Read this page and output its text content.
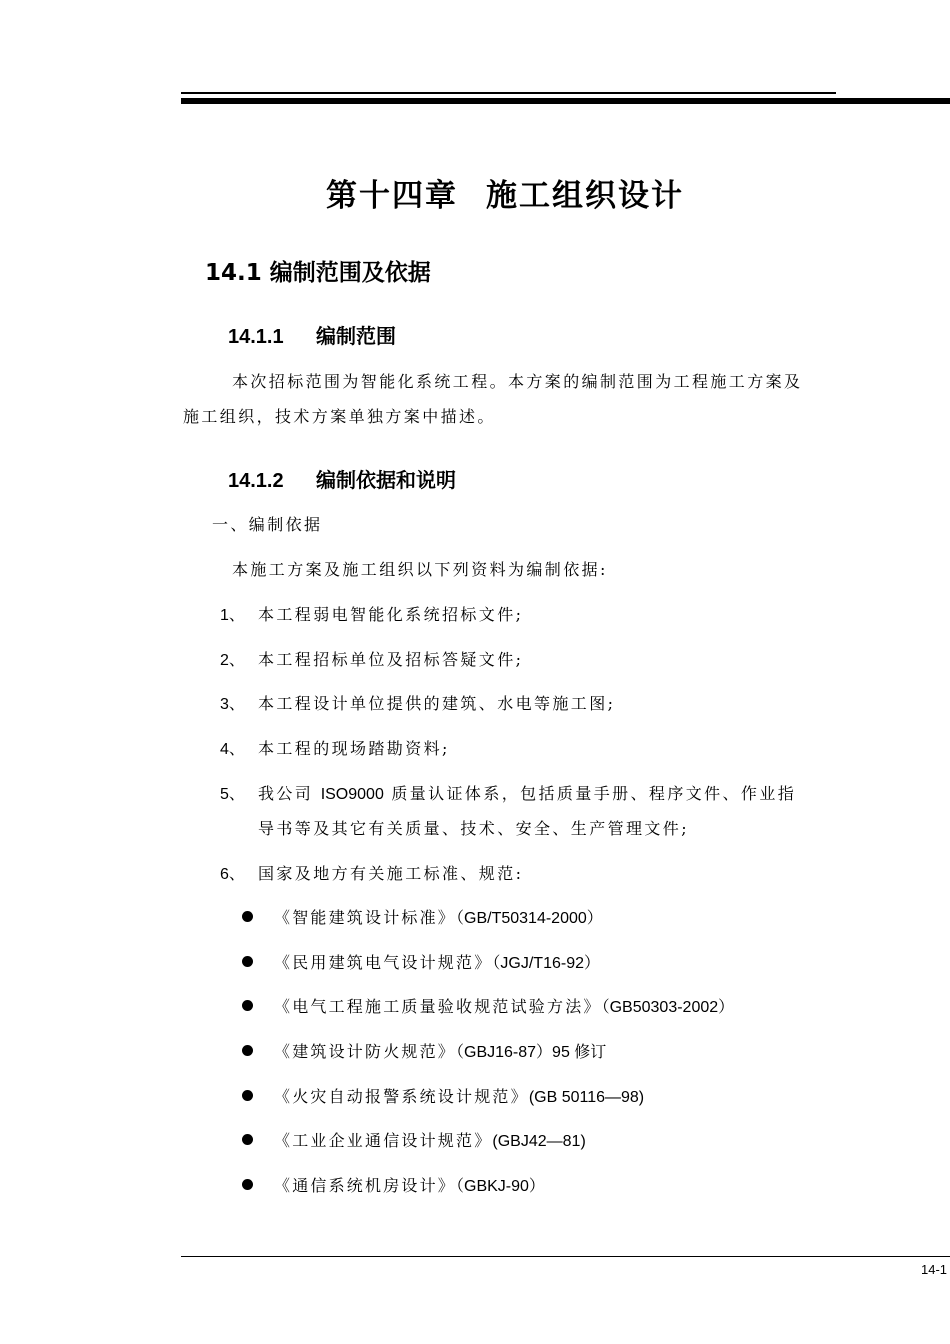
第十四章 施工组织设计
14.1 编制范围及依据
14.1.1 编制范围

本次招标范围为智能化系统工程。本方案的编制范围为工程施工方案及

施工组织，技术方案单独方案中描述。

14.1.2 编制依据和说明

一、编制依据

本施工方案及施工组织以下列资料为编制依据:

1、 本工程弱电智能化系统招标文件;
2、 本工程招标单位及招标答疑文件;
3、 本工程设计单位提供的建筑、水电等施工图;
4、 本工程的现场踏勘资料;
5、 我公司 ISO9000 质量认证体系，包括质量手册、程序文件、作业指
导书等及其它有关质量、技术、安全、生产管理文件;
6、 国家及地方有关施工标准、规范:
《智能建筑设计标准》（GB/T50314-2000）
《民用建筑电气设计规范》（JGJ/T16-92）
《电气工程施工质量验收规范试验方法》（GB50303-2002）
《建筑设计防火规范》（GBJ16-87）95 修订
《火灾自动报警系统设计规范》(GB 50116—98)
《工业企业通信设计规范》(GBJ42—81)
《通信系统机房设计》（GBKJ-90）
14-1
